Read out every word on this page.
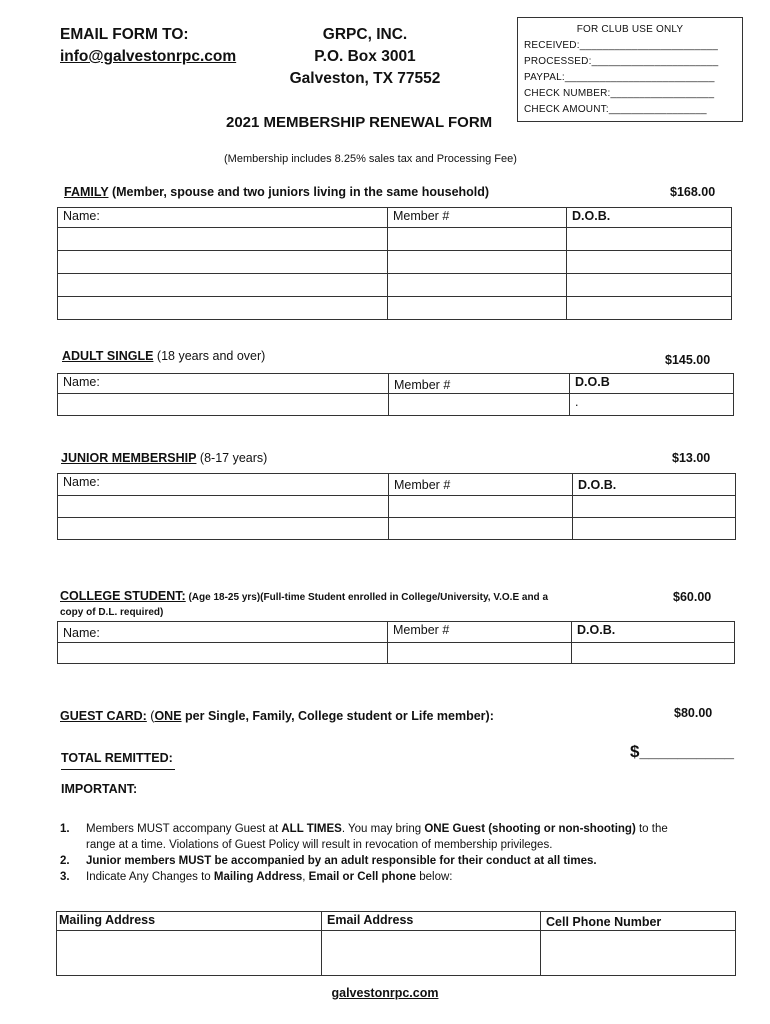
EMAIL FORM TO:
info@galvestonrpc.com
GRPC, INC.
P.O. Box 3001
Galveston, TX 77552
FOR CLUB USE ONLY
RECEIVED:________________________
PROCESSED:______________________
PAYPAL:__________________________
CHECK NUMBER:__________________
CHECK AMOUNT:_________________
2021 MEMBERSHIP RENEWAL FORM
(Membership includes 8.25% sales tax and Processing Fee)
FAMILY (Member, spouse and two juniors living in the same household)	$168.00
Name:	Member #	D.O.B.

ADULT SINGLE (18 years and over)	$145.00
Name:	Member #	D.O.B
		.
JUNIOR MEMBERSHIP (8-17 years)	$13.00
Name:	Member #	D.O.B.

COLLEGE STUDENT: (Age 18-25 yrs)(Full-time Student enrolled in College/University, V.O.E and a
copy of D.L. required)
$60.00
Name:	Member #	D.O.B.

GUEST CARD: (ONE per Single, Family, College student or Life member):	$80.00
TOTAL REMITTED:	$__________
IMPORTANT:
1. Members MUST accompany Guest at ALL TIMES. You may bring ONE Guest (shooting or non-shooting) to the
range at a time. Violations of Guest Policy will result in revocation of membership privileges.
2. Junior members MUST be accompanied by an adult responsible for their conduct at all times.
3. Indicate Any Changes to Mailing Address, Email or Cell phone below:
Mailing Address	Email Address	Cell Phone Number

galvestonrpc.com
